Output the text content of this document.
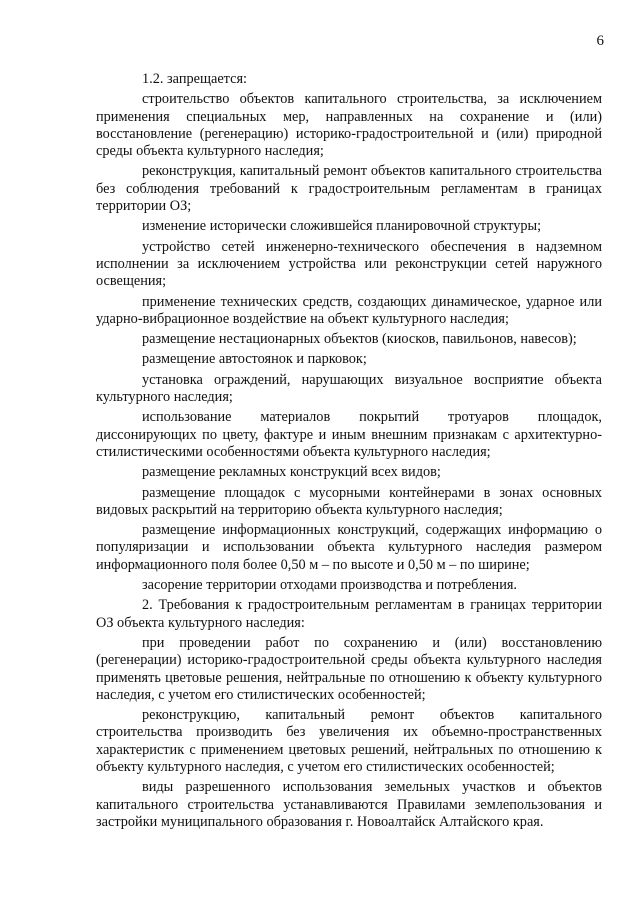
6

1.2. запрещается:

строительство объектов капитального строительства, за исключением применения специальных мер, направленных на сохранение и (или) восстановление (регенерацию) историко-градостроительной и (или) природной среды объекта культурного наследия;

реконструкция, капитальный ремонт объектов капитального строительства без соблюдения требований к градостроительным регламентам в границах территории ОЗ;

изменение исторически сложившейся планировочной структуры;

устройство сетей инженерно-технического обеспечения в надземном исполнении за исключением устройства или реконструкции сетей наружного освещения;

применение технических средств, создающих динамическое, ударное или ударно-вибрационное воздействие на объект культурного наследия;

размещение нестационарных объектов (киосков, павильонов, навесов);

размещение автостоянок и парковок;

установка ограждений, нарушающих визуальное восприятие объекта культурного наследия;

использование материалов покрытий тротуаров площадок, диссонирующих по цвету, фактуре и иным внешним признакам с архитектурно-стилистическими особенностями объекта культурного наследия;

размещение рекламных конструкций всех видов;

размещение площадок с мусорными контейнерами в зонах основных видовых раскрытий на территорию объекта культурного наследия;

размещение информационных конструкций, содержащих информацию о популяризации и использовании объекта культурного наследия размером информационного поля более 0,50 м – по высоте и 0,50 м – по ширине;

засорение территории отходами производства и потребления.

2. Требования к градостроительным регламентам в границах территории ОЗ объекта культурного наследия:

при проведении работ по сохранению и (или) восстановлению (регенерации) историко-градостроительной среды объекта культурного наследия применять цветовые решения, нейтральные по отношению к объекту культурного наследия, с учетом его стилистических особенностей;

реконструкцию, капитальный ремонт объектов капитального строительства производить без увеличения их объемно-пространственных характеристик с применением цветовых решений, нейтральных по отношению к объекту культурного наследия, с учетом его стилистических особенностей;

виды разрешенного использования земельных участков и объектов капитального строительства устанавливаются Правилами землепользования и застройки муниципального образования г. Новоалтайск Алтайского края.
